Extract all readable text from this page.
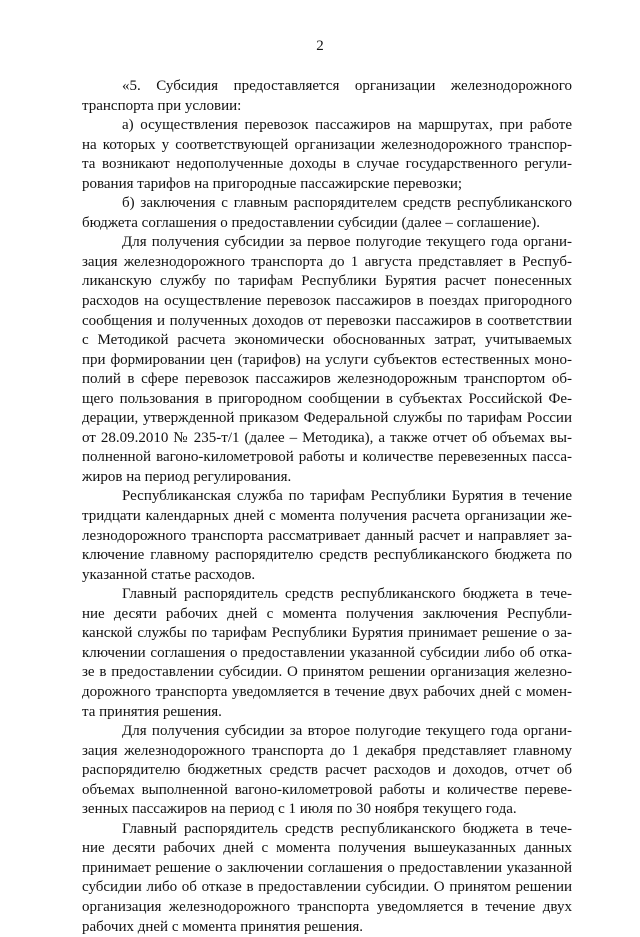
2
«5. Субсидия предоставляется организации железнодорожного
транспорта при условии:
а) осуществления перевозок пассажиров на маршрутах, при работе
на которых у соответствующей организации железнодорожного транспор-
та возникают недополученные доходы в случае государственного регули-
рования тарифов на пригородные пассажирские перевозки;
б) заключения с главным распорядителем средств республиканского
бюджета соглашения о предоставлении субсидии (далее – соглашение).
Для получения субсидии за первое полугодие текущего года органи-
зация железнодорожного транспорта до 1 августа представляет в Респуб-
ликанскую службу по тарифам Республики Бурятия расчет понесенных
расходов на осуществление перевозок пассажиров в поездах пригородного
сообщения и полученных доходов от перевозки пассажиров в соответствии
с Методикой расчета экономически обоснованных затрат, учитываемых
при формировании цен (тарифов) на услуги субъектов естественных моно-
полий в сфере перевозок пассажиров железнодорожным транспортом об-
щего пользования в пригородном сообщении в субъектах Российской Фе-
дерации, утвержденной приказом Федеральной службы по тарифам России
от 28.09.2010 № 235-т/1 (далее – Методика), а также отчет об объемах вы-
полненной вагоно-километровой работы и количестве перевезенных пасса-
жиров на период регулирования.
Республиканская служба по тарифам Республики Бурятия в течение
тридцати календарных дней с момента получения расчета организации же-
лезнодорожного транспорта рассматривает данный расчет и направляет за-
ключение главному распорядителю средств республиканского бюджета по
указанной статье расходов.
Главный распорядитель средств республиканского бюджета в тече-
ние десяти рабочих дней с момента получения заключения Республи-
канской службы по тарифам Республики Бурятия принимает решение о за-
ключении соглашения о предоставлении указанной субсидии либо об отка-
зе в предоставлении субсидии. О принятом решении организация железно-
дорожного транспорта уведомляется в течение двух рабочих дней с момен-
та принятия решения.
Для получения субсидии за второе полугодие текущего года органи-
зация железнодорожного транспорта до 1 декабря представляет главному
распорядителю бюджетных средств расчет расходов и доходов, отчет об
объемах выполненной вагоно-километровой работы и количестве переве-
зенных пассажиров на период с 1 июля по 30 ноября текущего года.
Главный распорядитель средств республиканского бюджета в тече-
ние десяти рабочих дней с момента получения вышеуказанных данных
принимает решение о заключении соглашения о предоставлении указанной
субсидии либо об отказе в предоставлении субсидии. О принятом решении
организация железнодорожного транспорта уведомляется в течение двух
рабочих дней с момента принятия решения.
